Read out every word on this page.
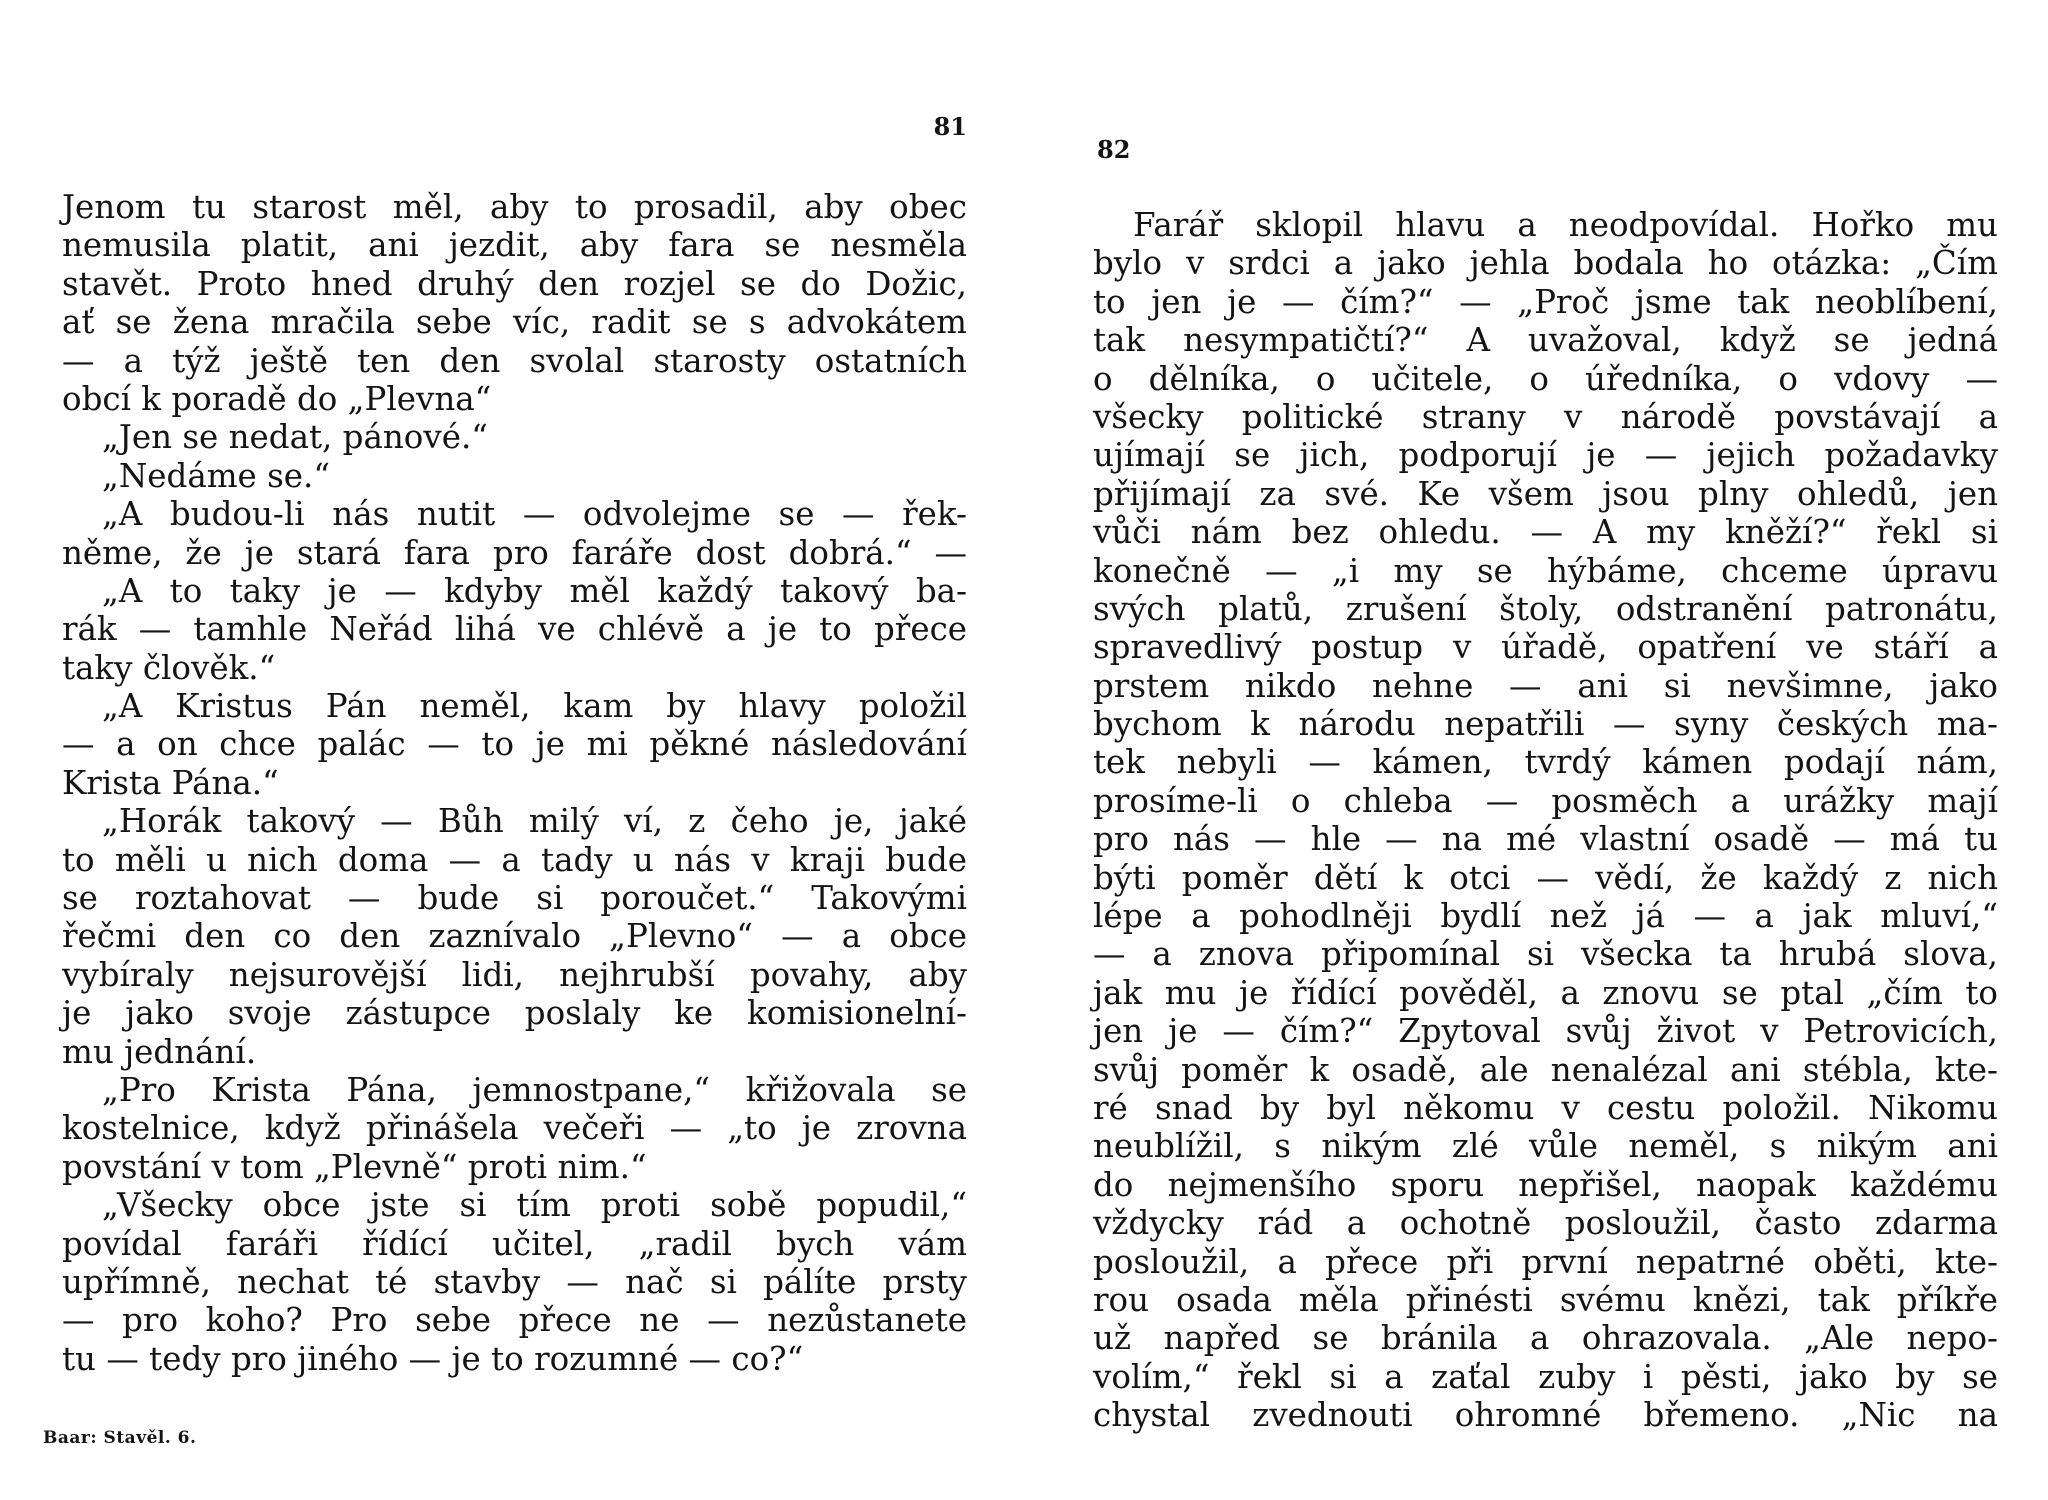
81
Jenom tu starost měl, aby to prosadil, aby obec
nemusila platit, ani jezdit, aby fara se nesměla
stavět. Proto hned druhý den rozjel se do Dožic,
ať se žena mračila sebe víc, radit se s advokátem
— a týž ještě ten den svolal starosty ostatních
obcí k poradě do „Plevna“
„Jen se nedat, pánové.“
„Nedáme se.“
„A budou-li nás nutit — odvolejme se — řek-
něme, že je stará fara pro faráře dost dobrá.“ —
„A to taky je — kdyby měl každý takový ba-
rák — tamhle Neřád lihá ve chlévě a je to přece
taky člověk.“
„A Kristus Pán neměl, kam by hlavy položil
— a on chce palác — to je mi pěkné následování
Krista Pána.“
„Horák takový — Bůh milý ví, z čeho je, jaké
to měli u nich doma — a tady u nás v kraji bude
se roztahovat — bude si poroučet.“ Takovými
řečmi den co den zaznívalo „Plevno“ — a obce
vybíraly nejsurovější lidi, nejhrubší povahy, aby
je jako svoje zástupce poslaly ke komisionelní-
mu jednání.
„Pro Krista Pána, jemnostpane,“ křižovala se
kostelnice, když přinášela večeři — „to je zrovna
povstání v tom „Plevně“ proti nim.“
„Všecky obce jste si tím proti sobě popudil,“
povídal faráři řídící učitel, „radil bych vám
upřímně, nechat té stavby — nač si pálíte prsty
— pro koho? Pro sebe přece ne — nezůstanete
tu — tedy pro jiného — je to rozumné — co?“
Baar: Stavěl. 6.
82
Farář sklopil hlavu a neodpovídal. Hořko mu
bylo v srdci a jako jehla bodala ho otázka: „Čím
to jen je — čím?“ — „Proč jsme tak neoblíbení,
tak nesympatičtí?“ A uvažoval, když se jedná
o dělníka, o učitele, o úředníka, o vdovy —
všecky politické strany v národě povstávají a
ujímají se jich, podporují je — jejich požadavky
přijímají za své. Ke všem jsou plny ohledů, jen
vůči nám bez ohledu. — A my kněží?“ řekl si
konečně — „i my se hýbáme, chceme úpravu
svých platů, zrušení štoly, odstranění patronátu,
spravedlivý postup v úřadě, opatření ve stáří a
prstem nikdo nehne — ani si nevšimne, jako
bychom k národu nepatřili — syny českých ma-
tek nebyli — kámen, tvrdý kámen podají nám,
prosíme-li o chleba — posměch a urážky mají
pro nás — hle — na mé vlastní osadě — má tu
býti poměr dětí k otci — vědí, že každý z nich
lépe a pohodlněji bydlí než já — a jak mluví,“
— a znova připomínal si všecka ta hrubá slova,
jak mu je řídící pověděl, a znovu se ptal „čím to
jen je — čím?“ Zpytoval svůj život v Petrovicích,
svůj poměr k osadě, ale nenalézal ani stébla, kte-
ré snad by byl někomu v cestu položil. Nikomu
neublížil, s nikým zlé vůle neměl, s nikým ani
do nejmenšího sporu nepřišel, naopak každému
vždycky rád a ochotně posloužil, často zdarma
posloužil, a přece při první nepatrné oběti, kte-
rou osada měla přinésti svému knězi, tak příkře
už napřed se bránila a ohrazovala. „Ale nepo-
volím,“ řekl si a zaťal zuby i pěsti, jako by se
chystal zvednouti ohromné břemeno. „Nic na
